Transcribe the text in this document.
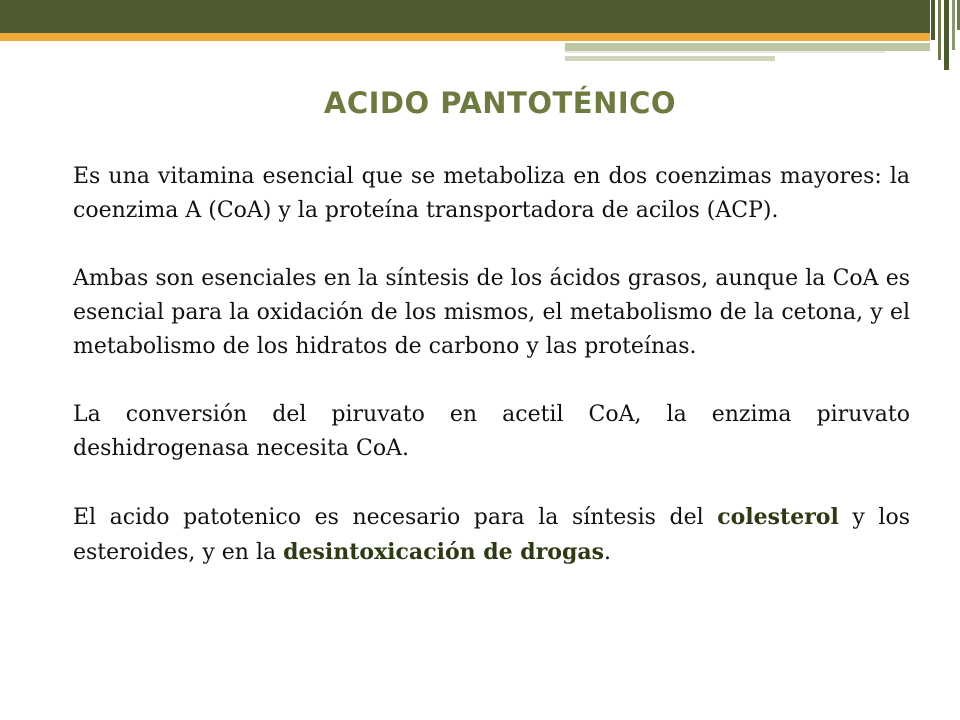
ACIDO PANTOTÉNICO

Es una vitamina esencial que se metaboliza en dos coenzimas mayores: la coenzima A (CoA) y la proteína transportadora de acilos (ACP).

Ambas son esenciales en la síntesis de los ácidos grasos, aunque la CoA es esencial para la oxidación de los mismos, el metabolismo de la cetona, y el metabolismo de los hidratos de carbono y las proteínas.

La conversión del piruvato en acetil CoA, la enzima piruvato deshidrogenasa necesita CoA.

El acido patotenico es necesario para la síntesis del colesterol y los esteroides, y en la desintoxicación de drogas.
